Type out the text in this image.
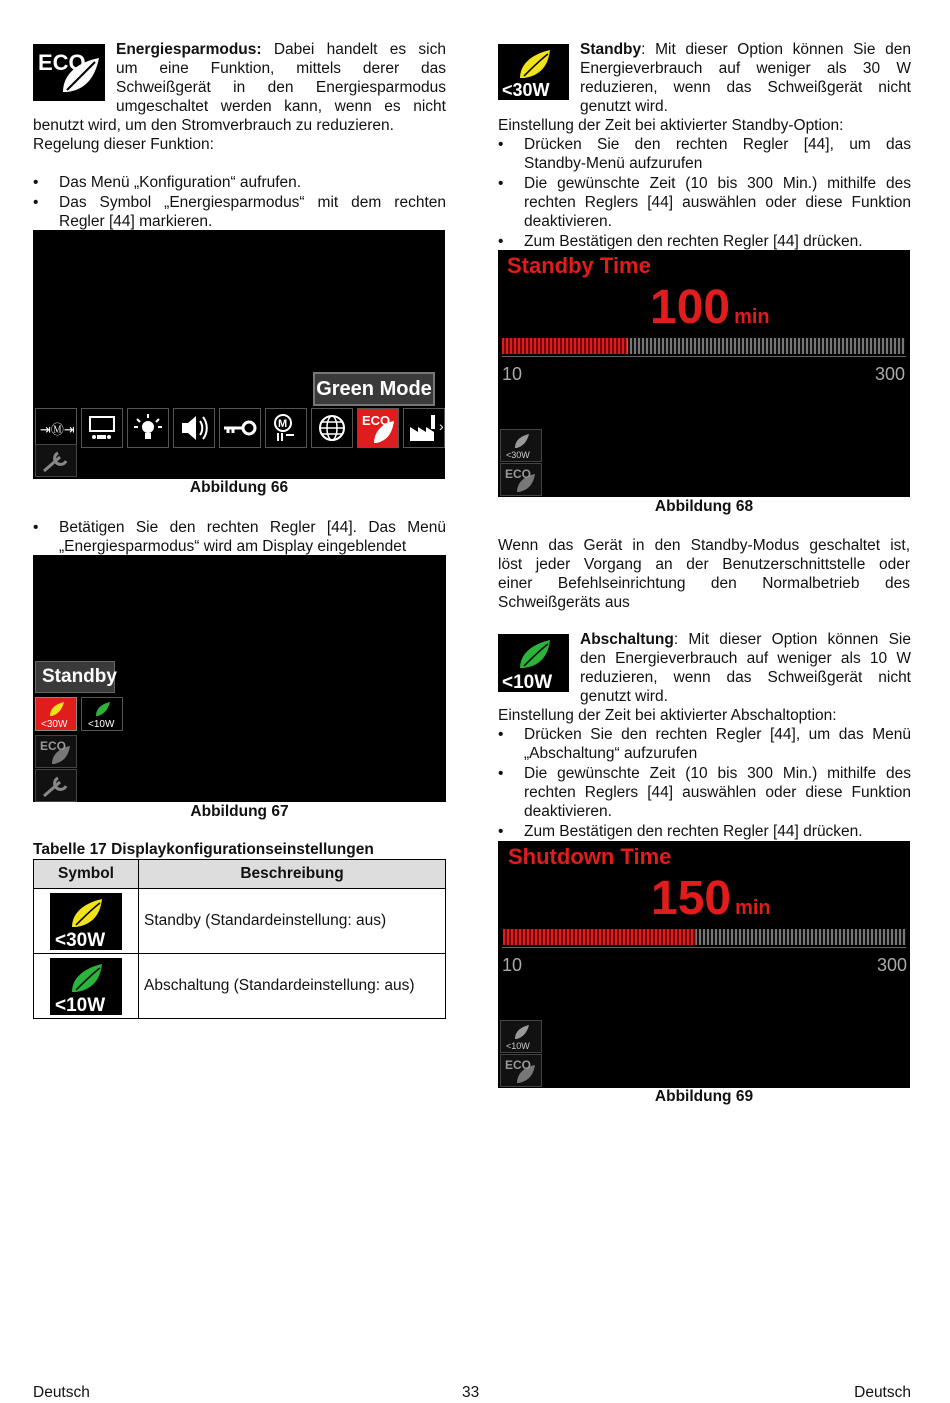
ECO
Energiesparmodus: Dabei handelt es sich
um eine Funktion, mittels derer das
Schweißgerät in den Energiesparmodus
umgeschaltet werden kann, wenn es nicht
benutzt wird, um den Stromverbrauch zu reduzieren.
Regelung dieser Funktion:
• Das Menü „Konfiguration“ aufrufen.
• Das Symbol „Energiesparmodus“ mit dem rechten
Regler [44] markieren.
Green Mode
⇥Ⓜ⇥	M	ECO	›
Abbildung 66
• Betätigen Sie den rechten Regler [44]. Das Menü
„Energiesparmodus“ wird am Display eingeblendet
Standby
<30W <10W
ECO
Abbildung 67
Tabelle 17 Displaykonfigurationseinstellungen
Symbol	Beschreibung

<30W	Standby (Standardeinstellung: aus)

<10W	Abschaltung (Standardeinstellung: aus)
<30W
Standby: Mit dieser Option können Sie den
Energieverbrauch auf weniger als 30 W
reduzieren, wenn das Schweißgerät nicht
genutzt wird.
Einstellung der Zeit bei aktivierter Standby-Option:
• Drücken Sie den rechten Regler [44], um das
Standby-Menü aufzurufen
• Die gewünschte Zeit (10 bis 300 Min.) mithilfe des
rechten Reglers [44] auswählen oder diese Funktion
deaktivieren.
• Zum Bestätigen den rechten Regler [44] drücken.
Standby Time
100 min
10	300
<30W
ECO
Abbildung 68
Wenn das Gerät in den Standby-Modus geschaltet ist,
löst jeder Vorgang an der Benutzerschnittstelle oder
einer Befehlseinrichtung den Normalbetrieb des
Schweißgeräts aus
<10W
Abschaltung: Mit dieser Option können Sie
den Energieverbrauch auf weniger als 10 W
reduzieren, wenn das Schweißgerät nicht
genutzt wird.
Einstellung der Zeit bei aktivierter Abschaltoption:
• Drücken Sie den rechten Regler [44], um das Menü
„Abschaltung“ aufzurufen
• Die gewünschte Zeit (10 bis 300 Min.) mithilfe des
rechten Reglers [44] auswählen oder diese Funktion
deaktivieren.
• Zum Bestätigen den rechten Regler [44] drücken.
Shutdown Time
150 min
10	300
<10W
ECO
Abbildung 69
Deutsch	33	Deutsch
